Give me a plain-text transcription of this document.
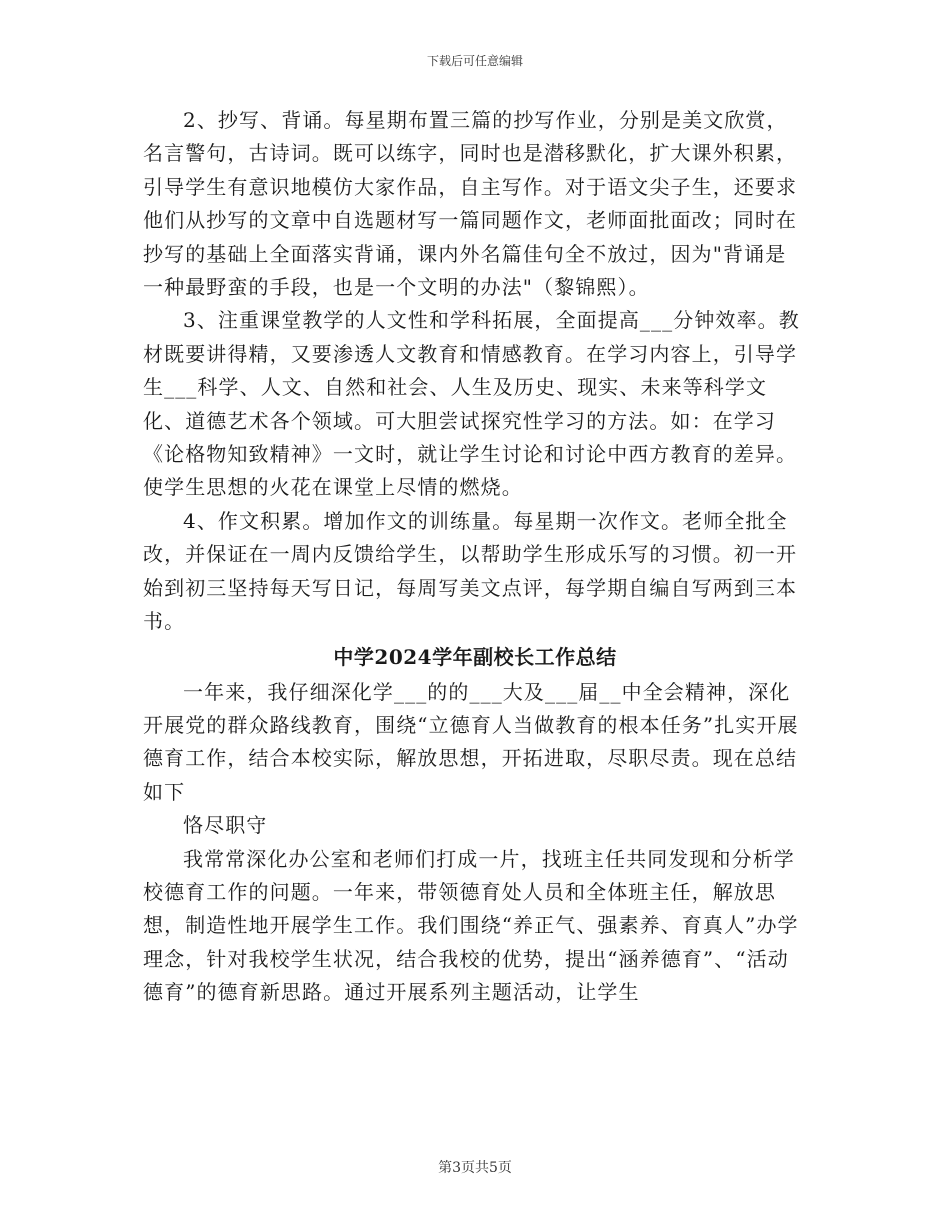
下载后可任意编辑

2、抄写、背诵。每星期布置三篇的抄写作业，分别是美文欣赏，名言警句，古诗词。既可以练字，同时也是潜移默化，扩大课外积累，引导学生有意识地模仿大家作品，自主写作。对于语文尖子生，还要求他们从抄写的文章中自选题材写一篇同题作文，老师面批面改；同时在抄写的基础上全面落实背诵，课内外名篇佳句全不放过，因为"背诵是一种最野蛮的手段，也是一个文明的办法"（黎锦熙）。

3、注重课堂教学的人文性和学科拓展，全面提高___分钟效率。教材既要讲得精，又要渗透人文教育和情感教育。在学习内容上，引导学生___科学、人文、自然和社会、人生及历史、现实、未来等科学文化、道德艺术各个领域。可大胆尝试探究性学习的方法。如：在学习《论格物知致精神》一文时，就让学生讨论和讨论中西方教育的差异。使学生思想的火花在课堂上尽情的燃烧。

4、作文积累。增加作文的训练量。每星期一次作文。老师全批全改，并保证在一周内反馈给学生，以帮助学生形成乐写的习惯。初一开始到初三坚持每天写日记，每周写美文点评，每学期自编自写两到三本书。

中学2024学年副校长工作总结

一年来，我仔细深化学___的的___大及___届__中全会精神，深化开展党的群众路线教育，围绕“立德育人当做教育的根本任务”扎实开展德育工作，结合本校实际，解放思想，开拓进取，尽职尽责。现在总结如下

恪尽职守

我常常深化办公室和老师们打成一片，找班主任共同发现和分析学校德育工作的问题。一年来，带领德育处人员和全体班主任，解放思想，制造性地开展学生工作。我们围绕“养正气、强素养、育真人”办学理念，针对我校学生状况，结合我校的优势，提出“涵养德育”、“活动德育”的德育新思路。通过开展系列主题活动，让学生

第3页共5页
